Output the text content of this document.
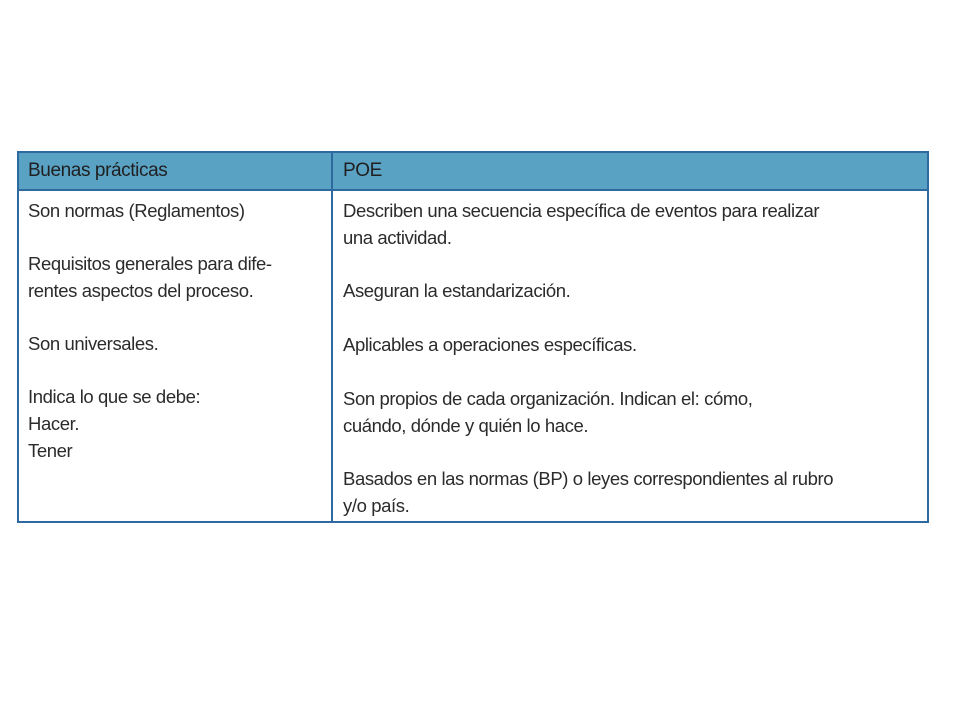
Buenas prácticas	POE
Son normas (Reglamentos)
Requisitos generales para dife-
rentes aspectos del proceso.
Son universales.
Indica lo que se debe:
Hacer.
Tener
Describen una secuencia específica de eventos para realizar
una actividad.
Aseguran la estandarización.
Aplicables a operaciones específicas.
Son propios de cada organización. Indican el: cómo,
cuándo, dónde y quién lo hace.
Basados en las normas (BP) o leyes correspondientes al rubro
y/o país.
